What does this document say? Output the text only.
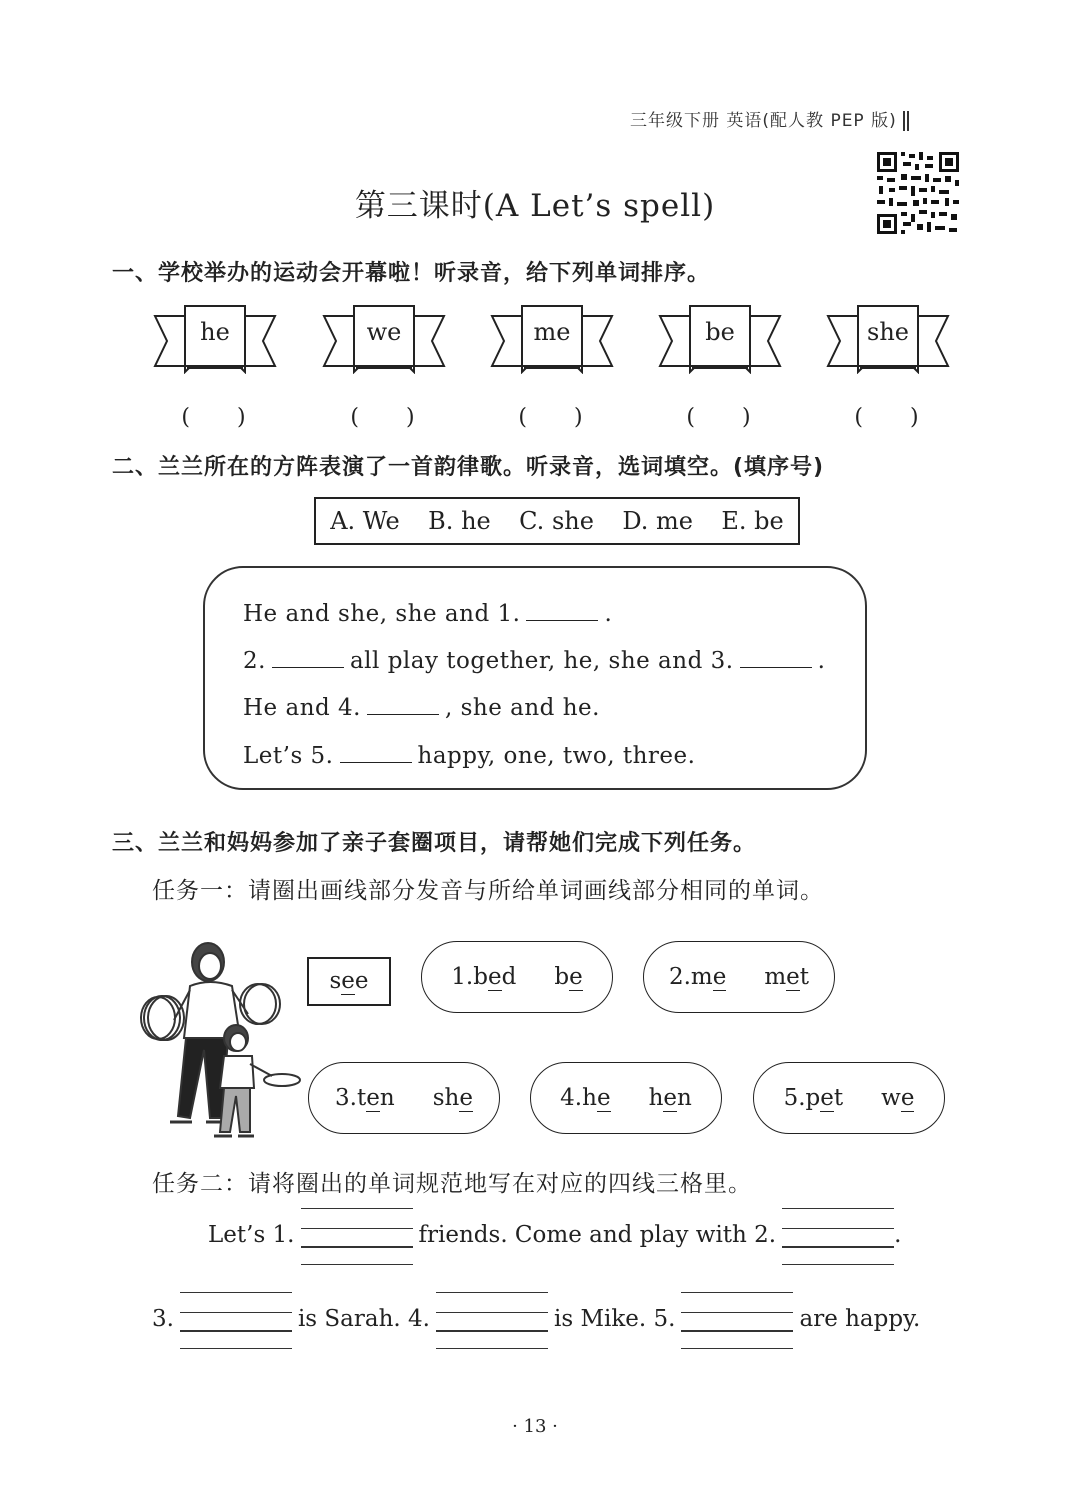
三年级下册 英语(配人教 PEP 版)
第三课时(A Let’s spell)
一、学校举办的运动会开幕啦！听录音，给下列单词排序。
he
(　　)
we
(　　)
me
(　　)
be
(　　)
she
(　　)
二、兰兰所在的方阵表演了一首韵律歌。听录音，选词填空。(填序号)
A. We B. he C. she D. me E. be
He and she, she and 1.	.
2.	all play together, he, she and 3.	.
He and 4.	, she and he.
Let’s 5.	happy, one, two, three.
三、兰兰和妈妈参加了亲子套圈项目，请帮她们完成下列任务。
任务一：请圈出画线部分发音与所给单词画线部分相同的单词。
see	1.bed be	2.me met
3.ten she	4.he hen	5.pet we
任务二：请将圈出的单词规范地写在对应的四线三格里。
Let’s 1.	friends. Come and play with 2.	.
3.	is Sarah. 4.	is Mike. 5.	are happy.
· 13 ·
